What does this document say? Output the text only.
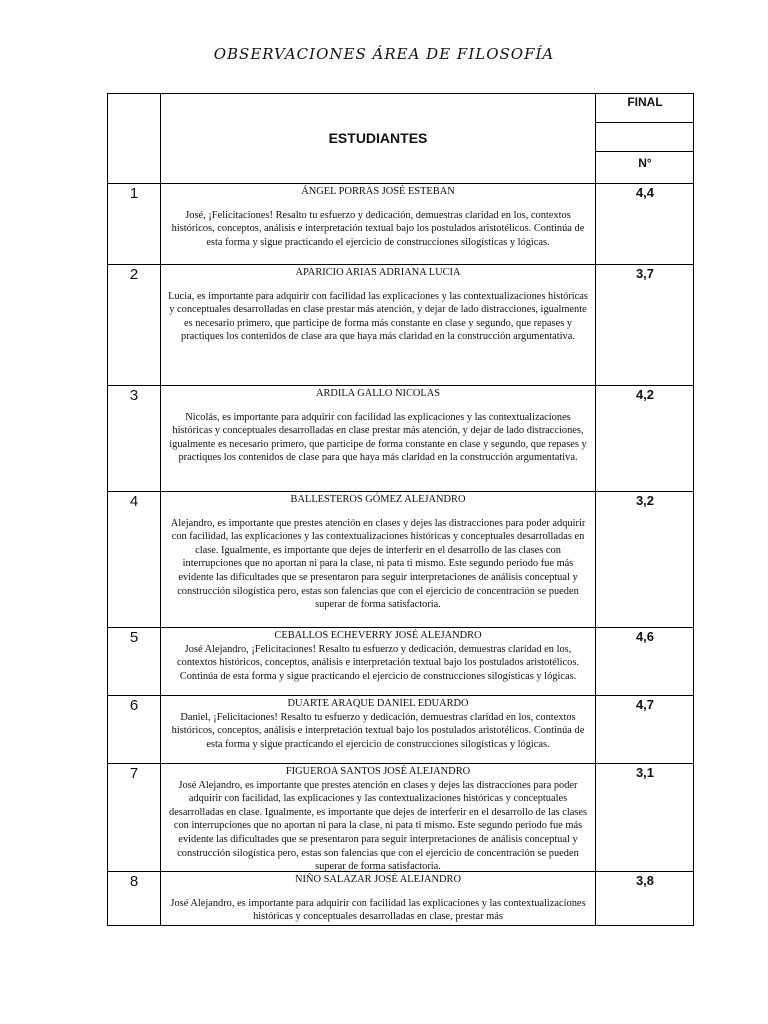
OBSERVACIONES ÁREA DE FILOSOFÍA
FINAL
ESTUDIANTES
N°
1	ÁNGEL PORRAS JOSÉ ESTEBAN
José, ¡Felicitaciones! Resalto tu esfuerzo y dedicación, demuestras claridad en los, contextos históricos, conceptos, análisis e interpretación textual bajo los postulados aristotélicos. Continúa de esta forma y sigue practicando el ejercicio de construcciones silogísticas y lógicas.
4,4
2	APARICIO ARIAS ADRIANA LUCIA
Lucia, es importante para adquirir con facilidad las explicaciones y las contextualizaciones históricas y conceptuales desarrolladas en clase prestar más atención, y dejar de lado distracciones, igualmente es necesario primero, que participe de forma más constante en clase y segundo, que repases y practiques los contenidos de clase ara que haya más claridad en la construcción argumentativa.
3,7
3	ARDILA GALLO NICOLAS
Nicolás, es importante para adquirir con facilidad las explicaciones y las contextualizaciones históricas y conceptuales desarrolladas en clase prestar más atención, y dejar de lado distracciones, igualmente es necesario primero, que participe de forma constante en clase y segundo, que repases y practiques los contenidos de clase para que haya más claridad en la construcción argumentativa.
4,2
4	BALLESTEROS GÓMEZ ALEJANDRO
Alejandro, es importante que prestes atención en clases y dejes las distracciones para poder adquirir con facilidad, las explicaciones y las contextualizaciones históricas y conceptuales desarrolladas en clase. Igualmente, es importante que dejes de interferir en el desarrollo de las clases con interrupciones que no aportan ni para la clase, ni pata ti mismo. Este segundo periodo fue más evidente las dificultades que se presentaron para seguir interpretaciones de análisis conceptual y construcción silogística pero, estas son falencias que con el ejercicio de concentración se pueden superar de forma satisfactoria.
3,2
5	CEBALLOS ECHEVERRY JOSÉ ALEJANDRO
José Alejandro, ¡Felicitaciones! Resalto tu esfuerzo y dedicación, demuestras claridad en los, contextos históricos, conceptos, análisis e interpretación textual bajo los postulados aristotélicos. Continúa de esta forma y sigue practicando el ejercicio de construcciones silogísticas y lógicas.
4,6
6	DUARTE ARAQUE DANIEL EDUARDO
Daniel, ¡Felicitaciones! Resalto tu esfuerzo y dedicación, demuestras claridad en los, contextos históricos, conceptos, análisis e interpretación textual bajo los postulados aristotélicos. Continúa de esta forma y sigue practicando el ejercicio de construcciones silogísticas y lógicas.
4,7
7	FIGUEROA SANTOS JOSÉ ALEJANDRO
José Alejandro, es importante que prestes atención en clases y dejes las distracciones para poder adquirir con facilidad, las explicaciones y las contextualizaciones históricas y conceptuales desarrolladas en clase. Igualmente, es importante que dejes de interferir en el desarrollo de las clases con interrupciones que no aportan ni para la clase, ni pata ti mismo. Este segundo periodo fue más evidente las dificultades que se presentaron para seguir interpretaciones de análisis conceptual y construcción silogística pero, estas son falencias que con el ejercicio de concentración se pueden superar de forma satisfactoria.
3,1
8	NIÑO SALAZAR JOSÉ ALEJANDRO
José Alejandro, es importante para adquirir con facilidad las explicaciones y las contextualizaciones históricas y conceptuales desarrolladas en clase, prestar más
3,8
